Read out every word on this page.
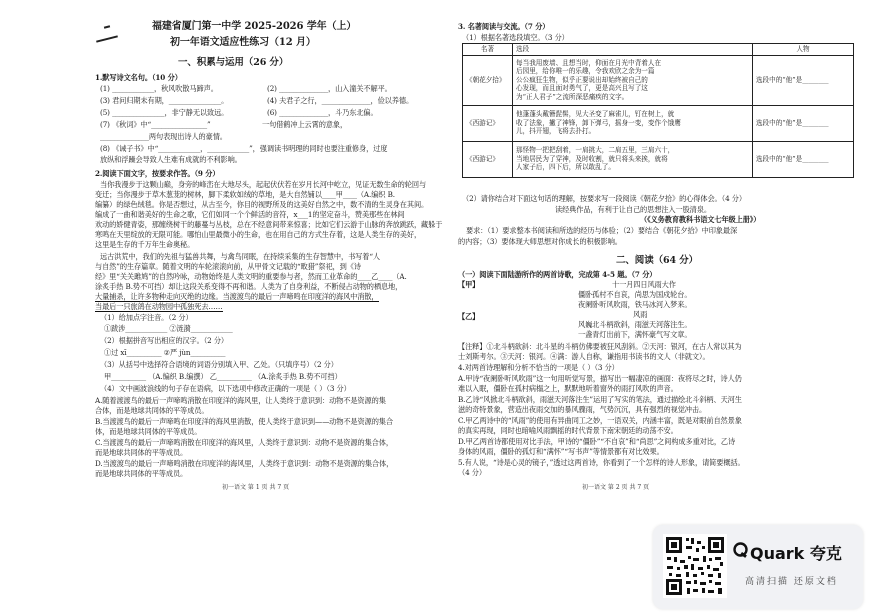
福建省厦门第一中学 2025-2026 学年（上）
初一年语文适应性练习（12 月）
一、积累与运用（26 分）
1.默写诗文名句。（10 分）
(1) ____________，秋风吹散马蹄声。	(2) ______________，山入潼关不解平。
(3) 君问归期未有期，_______________。	(4) 夫君子之行，______________，俭以养德。
(5) _______________，非宁静无以致远。	(6) ______________，斗乃东北偏。
(7) 《秋词》中“________________”	一句借鹤冲上云霄的意象，
______________两句表现出诗人的豪情。
(8) 《诫子书》中“____________，____________”，强调读书明理的同时也要注重修身，过度
放纵和浮躁会导致人生难有成就的不利影响。
2.阅读下面文字，按要求作答。（9 分）
当你我漫步于这颗山巅，身旁的峰峦在大地尽头，起起伏伏若在岁月长河中屹立，见证无数生命的轮回与
变迁；当你漫步于草木葱茏的树林，脚下柔软如绒的草地，是大自然铺以____甲____（A.编织 B.
编纂）的绿色绒毯。你是否想过，从古至今，你目的视野所及的这美好自然之中，数不清的生灵身在其间。
编成了一曲和谐美好的生命之歌，它们如同一个个鲜活的音符，x___1的坚定奋斗，赞美那些在林间
欢动的娇健青姿，那缠绕树干的藤蔓与丛枝，总在不经意间带来惊喜；比如它们云游于山脉的奔放跳跃，藏躲于
寒鸣在天里绽放的无限可能。哪怕山里最微小的生命，也在用自己的方式生存着，这是人类生存的美好，
这里是生存的千万年生命奥秘。
远古洪荒中，我们的先祖与猛兽共舞，与禽鸟同眠，在持续采集的生存智慧中，书写着“人
与自然”的生存篇章。随着文明的车轮滚滚向前，从甲骨文记载的“畋猎”祭祀，到《诗
经》里“关关雎鸠”的自然吟咏，动物始终是人类文明的重要参与者，然而工业革命的____乙____（A.
涂炙手热 B.势不可挡）却让这段关系变得不再和谐。人类为了自身利益，不断侵占动物的栖息地，
大量捕杀，让许多物种走向灭绝的边缘。当渡渡鸟的最后一声啼鸣在印度洋的海风中消散，
当最后一只旅鸽在动物园中孤独死去……
（1）给加点字注音。（2 分）
①跋涉____________ ②涟漪____________
（2）根据拼音写出相应的汉字。（2 分）
①过 xī__________ ②严 jùn__________
（3）从括号中选择符合语境的词语分别填入甲、乙处。（只填序号）（2 分）
甲__________ （A.编织 B.编撰） 乙__________ （A.涂炙手热 B.势不可挡）
（4）文中画波浪线的句子存在语病，以下选项中修改正确的一项是（ ）（3 分）
A.随着渡渡鸟的最后一声啼鸣消散在印度洋的海风里，让人类终于意识到：动物不是资源的集
合体，而是地球共同体的平等成员。
B.当渡渡鸟的最后一声啼鸣在印度洋的海风里消散，使人类终于意识到——动物不是资源的集合
体，而是地球共同体的平等成员。
C.当渡渡鸟的最后一声啼鸣消散在印度洋的海风里，人类终于意识到：动物不是资源的集合体，
而是地球共同体的平等成员。
D.当渡渡鸟的最后一声啼鸣消散在印度洋的海风里，人类终于意识到：动物不是资源的集合体，
而是地球共同体的平等成员。
初一语文 第 1 页 共 7 页
3. 名著阅读与交流。（7 分）
（1）根据名著选段填空。（3 分）
名著	选段	人物
《朝花夕拾》	每当我用废墙、且想当时，仰面在月光中背着人在
后园里，给你唯一的乐趣，令我欢欣之余为一篇
公公疯狂生物，似乎正要说出却始终被自己的
心发现，而且面对勇气了，更是高兴且写了这
为“正人君子”之流所深恶痛疾的文字。	选段中的“他”是________
《西游记》	他蓬蓬头戴簪髭髻，见大圣变了麻雀儿，钉在树上，就
收了法象，撇了神锋，卸下弹弓，摇身一变，变作个饿鹰
儿，抖开翅，飞将去扑打。	选段中的“他”是________
《西游记》	那怪物一把把刮着，一肩挑大，二肩五里，三肩六十，
当地居民为了穿神，及时收割，就只将头来挨，就将
人家子后，四下后，所以敢乱了。	选段中的“他”是________
（2）请你结合对下面这句话的理解，按要求写一段阅读《朝花夕拾》的心得体会。（4 分）
读经典作品，有利于让自己的思想注入一股清泉。
（《义务教育教科书语文七年级上册》）
要求：（1）要求整本书阅读和所选的经历与体验；（2）要结合《朝花夕拾》中印象最深
的内容；（3）要体现大师思想对你成长的积极影响。
二、阅读（64 分）
（一）阅读下面陆游所作的两首诗歌，完成第 4-5 题。（7 分）
【甲】	十一月四日风雨大作
僵卧孤村不自哀，尚思为国戍轮台。
夜阑卧听风吹雨，铁马冰河入梦来。
【乙】	风雨
风巍北斗柄欲斜，雨滋天河落注生。
一盏青灯出前下，满怀豪气写文章。
【注释】①北斗柄欲斜：北斗星的斗柄仿佛要被狂风刮斜。②天河：银河，在古人常以其为
士刘斯考尔。③天河：银河。④满：游人自称，谦指用书读书的文人（非就文）。
4.对两首诗理解和分析不恰当的一项是（ ）（3 分）
A.甲诗“夜阑卧听风吹雨”这一句用听觉写景，描写出一幅凄凉的画面：夜将尽之时，诗人仍
难以入眠，僵卧在孤村病榻之上，默默地听着窗外的雨打风吹的声音。
B.乙诗“风掀北斗柄欲斜，雨滋天河落注生”运用了写实的笔法，通过描绘北斗斜柄、天河生
滋的奇特景象，营造出夜雨交加的暴风骤雨，气势沉沉，具有强烈的视觉冲击。
C.甲乙两诗中的“风雨”的使用有异曲同工之妙，一语双关，内涵丰富，既是对眼前自然景象
的真实再现，同时也暗喻风雨飘摇的时代背景下南宋朝廷的动荡不安。
D.甲乙两首诗都使用对比手法，甲诗的“僵卧”“不自哀”和“尚思”之间构成多重对比，乙诗
身体的风雨，僵卧的孤灯和“满怀”“写书声”等情景都有对比效果。
5.有人说，“诗是心灵的镜子，”透过这两首诗，你看到了一个怎样的诗人形象，请简要概括。
（4 分）
初一语文 第 2 页 共 7 页
Quark 夸克
高清扫描 还原文档
